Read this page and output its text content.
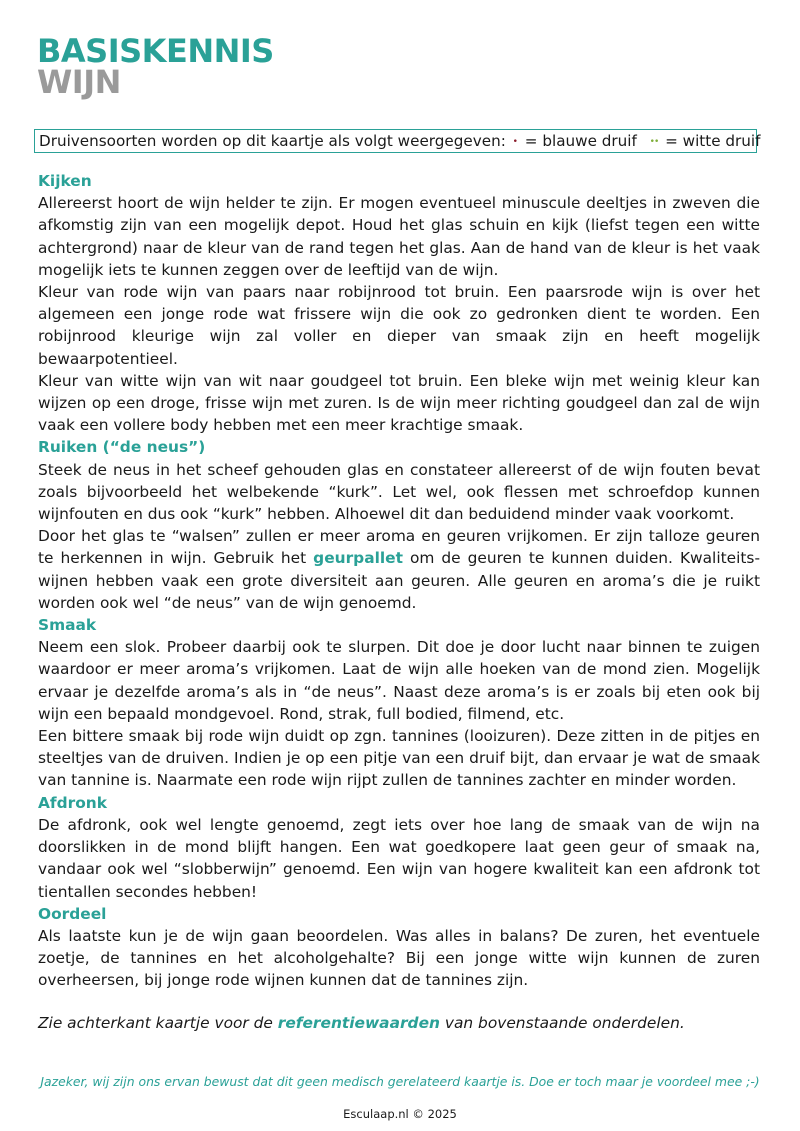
BASISKENNIS
WIJN
Druivensoorten worden op dit kaartje als volgt weergegeven: • = blauwe druif •• = witte druif
Kijken

Allereerst hoort de wijn helder te zijn. Er mogen eventueel minuscule deeltjes in zweven die afkomstig zijn van een mogelijk depot. Houd het glas schuin en kijk (liefst tegen een witte achtergrond) naar de kleur van de rand tegen het glas. Aan de hand van de kleur is het vaak mogelijk iets te kunnen zeggen over de leeftijd van de wijn.

Kleur van rode wijn van paars naar robijnrood tot bruin. Een paarsrode wijn is over het algemeen een jonge rode wat frissere wijn die ook zo gedronken dient te worden. Een robijnrood kleurige wijn zal voller en dieper van smaak zijn en heeft mogelijk bewaarpotentieel.

Kleur van witte wijn van wit naar goudgeel tot bruin. Een bleke wijn met weinig kleur kan wijzen op een droge, frisse wijn met zuren. Is de wijn meer richting goudgeel dan zal de wijn vaak een vollere body hebben met een meer krachtige smaak.

Ruiken (“de neus”)

Steek de neus in het scheef gehouden glas en constateer allereerst of de wijn fouten bevat zoals bijvoorbeeld het welbekende “kurk”. Let wel, ook flessen met schroefdop kunnen wijnfouten en dus ook “kurk” hebben. Alhoewel dit dan beduidend minder vaak voorkomt.

Door het glas te “walsen” zullen er meer aroma en geuren vrijkomen. Er zijn talloze geuren te herkennen in wijn. Gebruik het geurpallet om de geuren te kunnen duiden. Kwaliteits-wijnen hebben vaak een grote diversiteit aan geuren. Alle geuren en aroma’s die je ruikt worden ook wel “de neus” van de wijn genoemd.

Smaak

Neem een slok. Probeer daarbij ook te slurpen. Dit doe je door lucht naar binnen te zuigen waardoor er meer aroma’s vrijkomen. Laat de wijn alle hoeken van de mond zien. Mogelijk ervaar je dezelfde aroma’s als in “de neus”. Naast deze aroma’s is er zoals bij eten ook bij wijn een bepaald mondgevoel. Rond, strak, full bodied, filmend, etc.

Een bittere smaak bij rode wijn duidt op zgn. tannines (looizuren). Deze zitten in de pitjes en steeltjes van de druiven. Indien je op een pitje van een druif bijt, dan ervaar je wat de smaak van tannine is. Naarmate een rode wijn rijpt zullen de tannines zachter en minder worden.

Afdronk

De afdronk, ook wel lengte genoemd, zegt iets over hoe lang de smaak van de wijn na doorslikken in de mond blijft hangen. Een wat goedkopere laat geen geur of smaak na, vandaar ook wel “slobberwijn” genoemd. Een wijn van hogere kwaliteit kan een afdronk tot tientallen secondes hebben!

Oordeel

Als laatste kun je de wijn gaan beoordelen. Was alles in balans? De zuren, het eventuele zoetje, de tannines en het alcoholgehalte? Bij een jonge witte wijn kunnen de zuren overheersen, bij jonge rode wijnen kunnen dat de tannines zijn.

Zie achterkant kaartje voor de referentiewaarden van bovenstaande onderdelen.

Jazeker, wij zijn ons ervan bewust dat dit geen medisch gerelateerd kaartje is. Doe er toch maar je voordeel mee ;-)
Esculaap.nl © 2025
